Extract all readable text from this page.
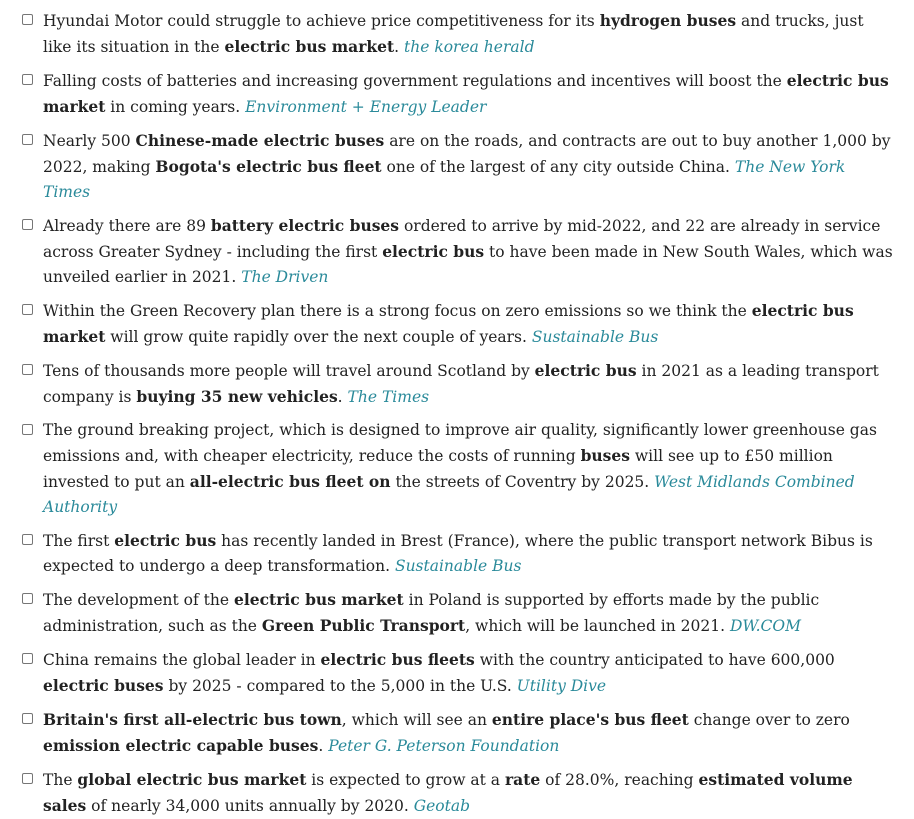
Hyundai Motor could struggle to achieve price competitiveness for its hydrogen buses and trucks, just like its situation in the electric bus market. the korea herald
Falling costs of batteries and increasing government regulations and incentives will boost the electric bus market in coming years. Environment + Energy Leader
Nearly 500 Chinese-made electric buses are on the roads, and contracts are out to buy another 1,000 by 2022, making Bogota's electric bus fleet one of the largest of any city outside China. The New York Times
Already there are 89 battery electric buses ordered to arrive by mid-2022, and 22 are already in service across Greater Sydney - including the first electric bus to have been made in New South Wales, which was unveiled earlier in 2021. The Driven
Within the Green Recovery plan there is a strong focus on zero emissions so we think the electric bus market will grow quite rapidly over the next couple of years. Sustainable Bus
Tens of thousands more people will travel around Scotland by electric bus in 2021 as a leading transport company is buying 35 new vehicles. The Times
The ground breaking project, which is designed to improve air quality, significantly lower greenhouse gas emissions and, with cheaper electricity, reduce the costs of running buses will see up to £50 million invested to put an all-electric bus fleet on the streets of Coventry by 2025. West Midlands Combined Authority
The first electric bus has recently landed in Brest (France), where the public transport network Bibus is expected to undergo a deep transformation. Sustainable Bus
The development of the electric bus market in Poland is supported by efforts made by the public administration, such as the Green Public Transport, which will be launched in 2021. DW.COM
China remains the global leader in electric bus fleets with the country anticipated to have 600,000 electric buses by 2025 - compared to the 5,000 in the U.S. Utility Dive
Britain's first all-electric bus town, which will see an entire place's bus fleet change over to zero emission electric capable buses. Peter G. Peterson Foundation
The global electric bus market is expected to grow at a rate of 28.0%, reaching estimated volume sales of nearly 34,000 units annually by 2020. Geotab
